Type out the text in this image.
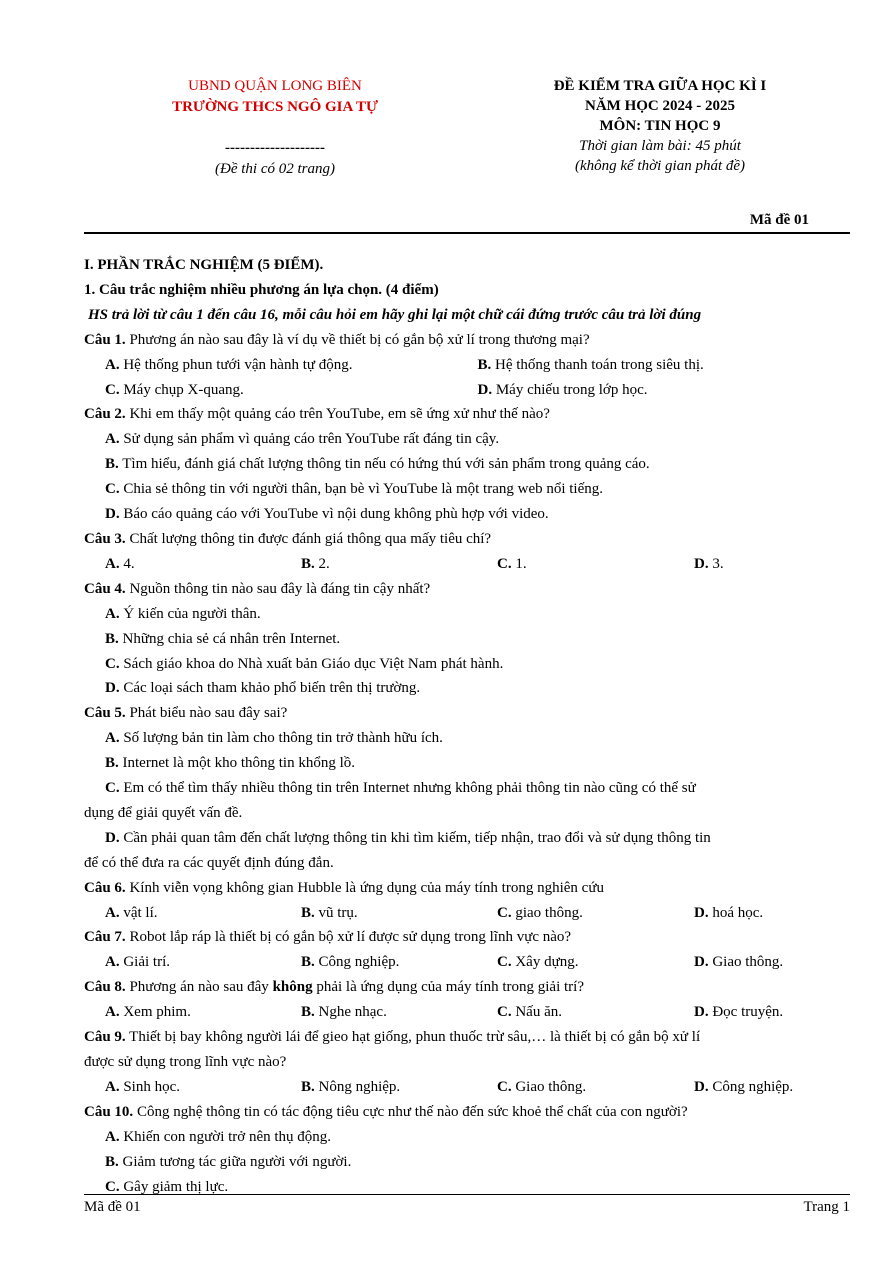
UBND QUẬN LONG BIÊN
TRƯỜNG THCS NGÔ GIA TỰ
--------------------
(Đề thi có 02 trang)
ĐỀ KIỂM TRA GIỮA HỌC KÌ I
NĂM HỌC 2024 - 2025
MÔN: TIN HỌC 9
Thời gian làm bài: 45 phút
(không kể thời gian phát đề)
Mã đề 01
I. PHẦN TRẮC NGHIỆM (5 ĐIỂM).
1. Câu trắc nghiệm nhiều phương án lựa chọn. (4 điểm)
HS trả lời từ câu 1 đến câu 16, mỗi câu hỏi em hãy ghi lại một chữ cái đứng trước câu trả lời đúng
Câu 1. Phương án nào sau đây là ví dụ về thiết bị có gắn bộ xử lí trong thương mại?
A. Hệ thống phun tưới vận hành tự động.	B. Hệ thống thanh toán trong siêu thị.
C. Máy chụp X-quang.	D. Máy chiếu trong lớp học.
Câu 2. Khi em thấy một quảng cáo trên YouTube, em sẽ ứng xử như thế nào?
A. Sử dụng sản phẩm vì quảng cáo trên YouTube rất đáng tin cậy.
B. Tìm hiểu, đánh giá chất lượng thông tin nếu có hứng thú với sản phẩm trong quảng cáo.
C. Chia sẻ thông tin với người thân, bạn bè vì YouTube là một trang web nổi tiếng.
D. Báo cáo quảng cáo với YouTube vì nội dung không phù hợp với video.
Câu 3. Chất lượng thông tin được đánh giá thông qua mấy tiêu chí?
A. 4.	B. 2.	C. 1.	D. 3.
Câu 4. Nguồn thông tin nào sau đây là đáng tin cậy nhất?
A. Ý kiến của người thân.
B. Những chia sẻ cá nhân trên Internet.
C. Sách giáo khoa do Nhà xuất bản Giáo dục Việt Nam phát hành.
D. Các loại sách tham khảo phổ biến trên thị trường.
Câu 5. Phát biểu nào sau đây sai?
A. Số lượng bản tin làm cho thông tin trở thành hữu ích.
B. Internet là một kho thông tin khổng lồ.
C. Em có thể tìm thấy nhiều thông tin trên Internet nhưng không phải thông tin nào cũng có thể sử
dụng để giải quyết vấn đề.
D. Cần phải quan tâm đến chất lượng thông tin khi tìm kiếm, tiếp nhận, trao đổi và sử dụng thông tin
để có thể đưa ra các quyết định đúng đắn.
Câu 6. Kính viễn vọng không gian Hubble là ứng dụng của máy tính trong nghiên cứu
A. vật lí.	B. vũ trụ.	C. giao thông.	D. hoá học.
Câu 7. Robot lắp ráp là thiết bị có gắn bộ xử lí được sử dụng trong lĩnh vực nào?
A. Giải trí.	B. Công nghiệp.	C. Xây dựng.	D. Giao thông.
Câu 8. Phương án nào sau đây không phải là ứng dụng của máy tính trong giải trí?
A. Xem phim.	B. Nghe nhạc.	C. Nấu ăn.	D. Đọc truyện.
Câu 9. Thiết bị bay không người lái để gieo hạt giống, phun thuốc trừ sâu,… là thiết bị có gắn bộ xử lí
được sử dụng trong lĩnh vực nào?
A. Sinh học.	B. Nông nghiệp.	C. Giao thông.	D. Công nghiệp.
Câu 10. Công nghệ thông tin có tác động tiêu cực như thế nào đến sức khoẻ thể chất của con người?
A. Khiến con người trở nên thụ động.
B. Giảm tương tác giữa người với người.
C. Gây giảm thị lực.
Mã đề 01	Trang 1
